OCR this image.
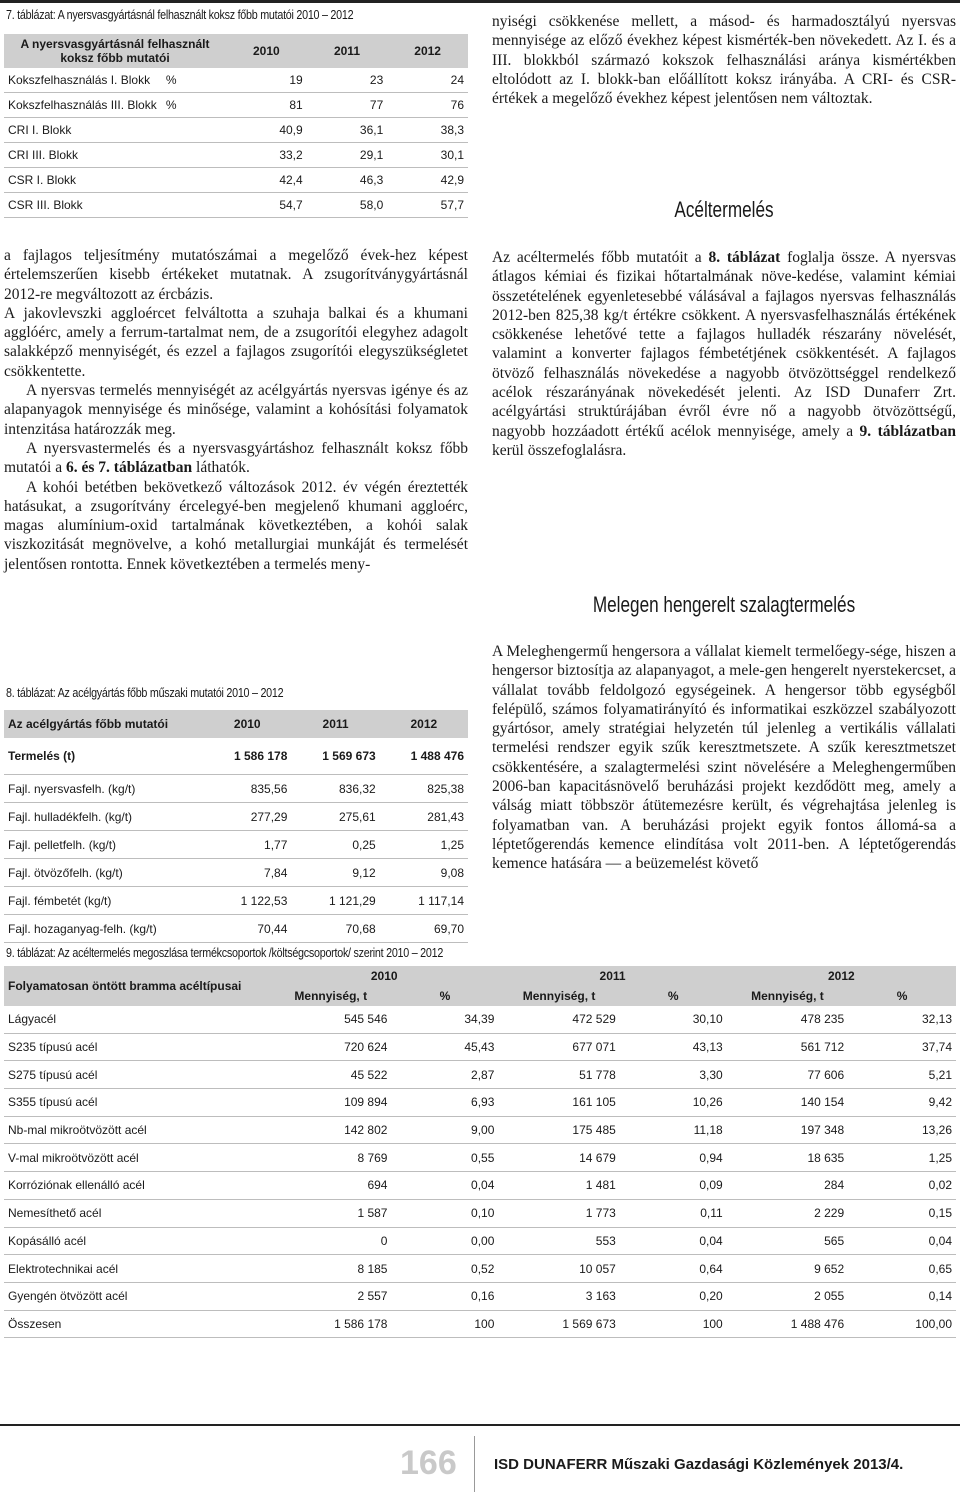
7. táblázat: A nyersvasgyártásnál felhasznált koksz főbb mutatói 2010 – 2012
A nyersvasgyártásnál felhasznált
koksz főbb mutatói		2010	2011	2012
Kokszfelhasználás I. Blokk	%	19	23	24
Kokszfelhasználás III. Blokk	%	81	77	76
CRI I. Blokk		40,9	36,1	38,3
CRI III. Blokk		33,2	29,1	30,1
CSR I. Blokk		42,4	46,3	42,9
CSR III. Blokk		54,7	58,0	57,7
a fajlagos teljesítmény mutatószámai a megelőző évek-hez képest értelemszerűen kisebb értékeket mutatnak. A zsugorítványgyártásnál 2012-re megváltozott az ércbázis.
A jakovlevszki aggloércet felváltotta a szuhaja balkai és a khumani agglóérc, amely a ferrum-tartalmat nem, de a zsugorítói elegyhez adagolt salakképző mennyiségét, és ezzel a fajlagos zsugorítói elegyszükségletet csökkentette.
A nyersvas termelés mennyiségét az acélgyártás nyersvas igénye és az alapanyagok mennyisége és minősége, valamint a kohósítási folyamatok intenzitása határozzák meg.
A nyersvastermelés és a nyersvasgyártáshoz felhasznált koksz főbb mutatói a 6. és 7. táblázatban láthatók.
A kohói betétben bekövetkező változások 2012. év végén éreztették hatásukat, a zsugorítvány ércelegyé-ben megjelenő khumani aggloérc, magas alumínium-oxid tartalmának következtében, a kohói salak viszkozitását megnövelve, a kohó metallurgiai munkáját és termelését jelentősen rontotta. Ennek következtében a termelés meny-
8. táblázat: Az acélgyártás főbb műszaki mutatói 2010 – 2012
Az acélgyártás főbb mutatói	2010	2011	2012
Termelés (t)	1 586 178	1 569 673	1 488 476
Fajl. nyersvasfelh. (kg/t)	835,56	836,32	825,38
Fajl. hulladékfelh. (kg/t)	277,29	275,61	281,43
Fajl. pelletfelh. (kg/t)	1,77	0,25	1,25
Fajl. ötvözőfelh. (kg/t)	7,84	9,12	9,08
Fajl. fémbetét (kg/t)	1 122,53	1 121,29	1 117,14
Fajl. hozaganyag-felh. (kg/t)	70,44	70,68	69,70
nyiségi csökkenése mellett, a másod- és harmadosztályú nyersvas mennyisége az előző évekhez képest kismérték-ben növekedett. Az I. és a III. blokkból származó kokszok felhasználási aránya kismértékben eltolódott az I. blokk-ban előállított koksz irányába. A CRI- és CSR-értékek a megelőző évekhez képest jelentősen nem változtak.
Acéltermelés
Az acéltermelés főbb mutatóit a 8. táblázat foglalja össze. A nyersvas átlagos kémiai és fizikai hőtartalmának növe-kedése, valamint kémiai összetételének egyenletesebbé válásával a fajlagos nyersvas felhasználás 2012-ben 825,38 kg/t értékre csökkent. A nyersvasfelhasználás értékének csökkenése lehetővé tette a fajlagos hulladék részarány növelését, valamint a konverter fajlagos fémbetétjének csökkentését. A fajlagos ötvöző felhasználás növekedése a nagyobb ötvözöttséggel rendelkező acélok részarányának növekedését jelenti. Az ISD Dunaferr Zrt. acélgyártási struktúrájában évről évre nő a nagyobb ötvözöttségű, nagyobb hozzáadott értékű acélok mennyisége, amely a 9. táblázatban kerül összefoglalásra.
Melegen hengerelt szalagtermelés
A Meleghengermű hengersora a vállalat kiemelt termelőegy-sége, hiszen a hengersor biztosítja az alapanyagot, a mele-gen hengerelt nyerstekercset, a vállalat tovább feldolgozó egységeinek. A hengersor több egységből felépülő, számos folyamatirányító és informatikai eszközzel szabályozott gyártósor, amely stratégiai helyzetén túl jelenleg a vertikális vállalati termelési rendszer egyik szűk keresztmetszete. A szűk keresztmetszet csökkentésére, a szalagtermelési szint növelésére a Meleghengerműben 2006-ban kapacitásnövelő beruházási projekt kezdődött meg, amely a válság miatt többször átütemezésre került, és végrehajtása jelenleg is folyamatban van. A beruházási projekt egyik fontos állomá-sa a léptetőgerendás kemence elindítása volt 2011-ben. A léptetőgerendás kemence hatására — a beüzemelést követő
9. táblázat: Az acéltermelés megoszlása termékcsoportok /költségcsoportok/ szerint 2010 – 2012
Folyamatosan öntött bramma acéltípusai	2010		2011		2012	
	Mennyiség, t	%	Mennyiség, t	%	Mennyiség, t	%
Lágyacél	545 546	34,39	472 529	30,10	478 235	32,13
S235 típusú acél	720 624	45,43	677 071	43,13	561 712	37,74
S275 típusú acél	45 522	2,87	51 778	3,30	77 606	5,21
S355 típusú acél	109 894	6,93	161 105	10,26	140 154	9,42
Nb-mal mikroötvözött acél	142 802	9,00	175 485	11,18	197 348	13,26
V-mal mikroötvözött acél	8 769	0,55	14 679	0,94	18 635	1,25
Korróziónak ellenálló acél	694	0,04	1 481	0,09	284	0,02
Nemesíthető acél	1 587	0,10	1 773	0,11	2 229	0,15
Kopásálló acél	0	0,00	553	0,04	565	0,04
Elektrotechnikai acél	8 185	0,52	10 057	0,64	9 652	0,65
Gyengén ötvözött acél	2 557	0,16	3 163	0,20	2 055	0,14
Összesen	1 586 178	100	1 569 673	100	1 488 476	100,00
166 ISD DUNAFERR Műszaki Gazdasági Közlemények 2013/4.
